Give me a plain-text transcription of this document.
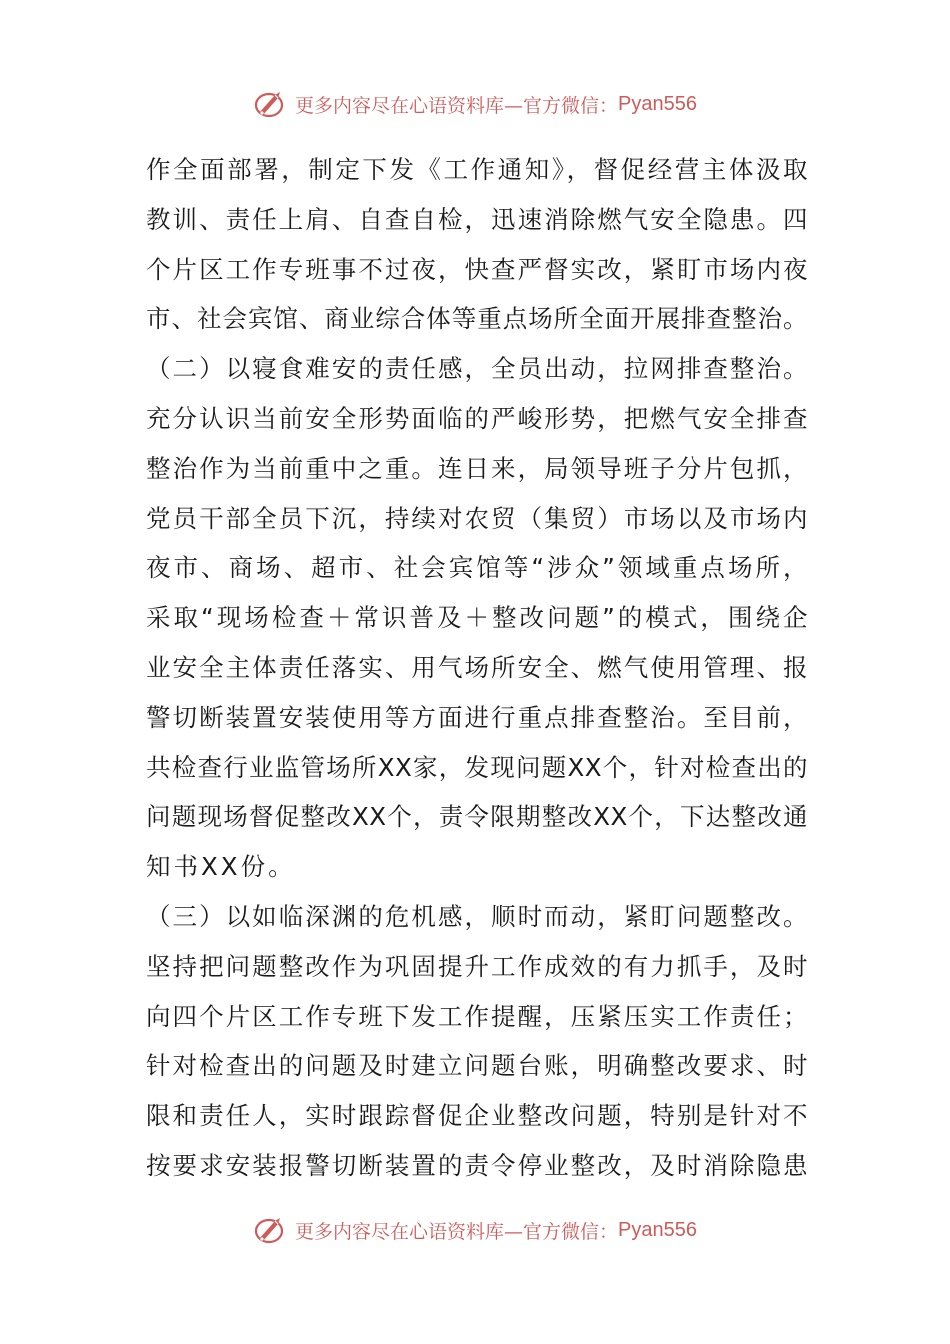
更多内容尽在心语资料库—官方微信： Pyan556
作全面部署，制定下发《工作通知》，督促经营主体汲取
教训、责任上肩、自查自检，迅速消除燃气安全隐患。四
个片区工作专班事不过夜，快查严督实改，紧盯市场内夜
市、社会宾馆、商业综合体等重点场所全面开展排查整治。
（二）以寝食难安的责任感，全员出动，拉网排查整治。
充分认识当前安全形势面临的严峻形势，把燃气安全排查
整治作为当前重中之重。连日来，局领导班子分片包抓，
党员干部全员下沉，持续对农贸（集贸）市场以及市场内
夜市、商场、超市、社会宾馆等“涉众”领域重点场所，
采取“现场检查＋常识普及＋整改问题”的模式，围绕企
业安全主体责任落实、用气场所安全、燃气使用管理、报
警切断装置安装使用等方面进行重点排查整治。至目前，
共检查行业监管场所XX家，发现问题XX个，针对检查出的
问题现场督促整改XX个，责令限期整改XX个，下达整改通
知书XX份。
（三）以如临深渊的危机感，顺时而动，紧盯问题整改。
坚持把问题整改作为巩固提升工作成效的有力抓手，及时
向四个片区工作专班下发工作提醒，压紧压实工作责任；
针对检查出的问题及时建立问题台账，明确整改要求、时
限和责任人，实时跟踪督促企业整改问题，特别是针对不
按要求安装报警切断装置的责令停业整改，及时消除隐患
更多内容尽在心语资料库—官方微信： Pyan556
